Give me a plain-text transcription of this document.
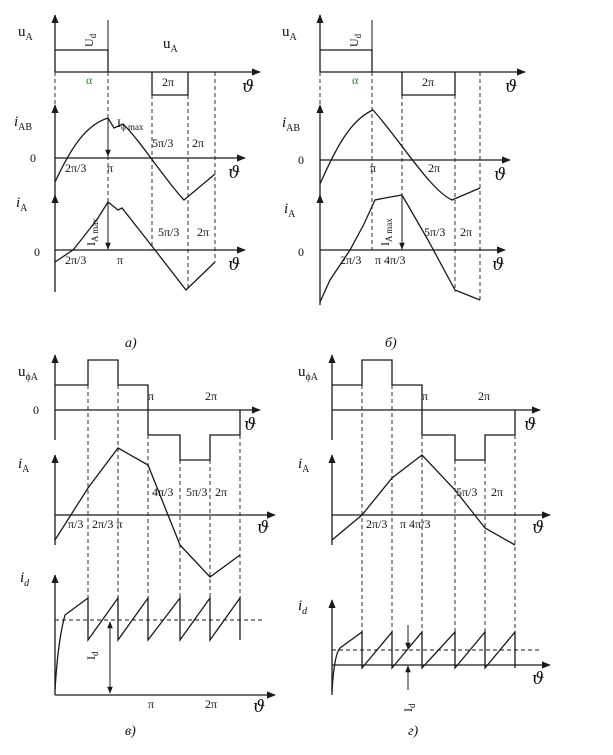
$u_A$	$U_d$	$u_A$
α	2π	ϑ
$i_{AB}$
0
$I_{\phi max}$
2π/3 π
5π/3 2π
ϑ
$i_A$
0
$I_{A max}$
2π/3	π
5π/3 2π
ϑ
а)
$u_A$	$U_d$
α	2π	ϑ
$i_{AB}$
0
π	2π	ϑ
$i_A$
0
$I_{A max}$
2π/3 π 4π/3
5π/3 2π
ϑ
б)
$u_{\phi A}$
0
π	2π
ϑ
$i_A$
π/3 2π/3 π
4π/3 5π/3 2π
ϑ
$i_d$
$I_d$
π	2π ϑ
в)
$u_{\phi A}$
π	2π
ϑ
$i_A$
2π/3 π 4π/3
5π/3 2π
ϑ
$i_d$
$I_d$
ϑ
г)
